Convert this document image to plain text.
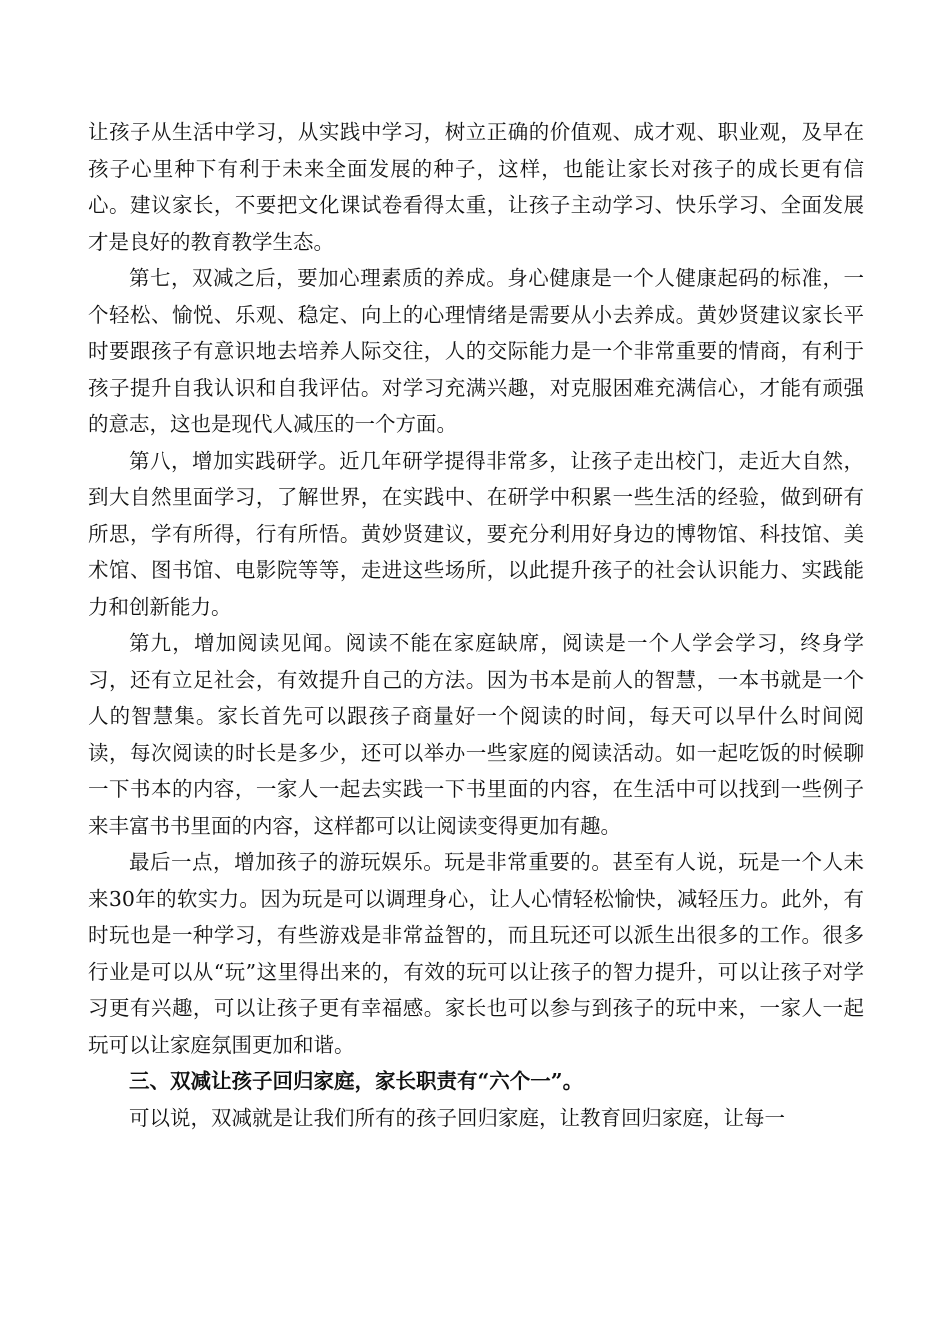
让孩子从生活中学习，从实践中学习，树立正确的价值观、成才观、职业观，及早在孩子心里种下有利于未来全面发展的种子，这样，也能让家长对孩子的成长更有信心。建议家长，不要把文化课试卷看得太重，让孩子主动学习、快乐学习、全面发展才是良好的教育教学生态。

第七，双减之后，要加心理素质的养成。身心健康是一个人健康起码的标准，一个轻松、愉悦、乐观、稳定、向上的心理情绪是需要从小去养成。黄妙贤建议家长平时要跟孩子有意识地去培养人际交往，人的交际能力是一个非常重要的情商，有利于孩子提升自我认识和自我评估。对学习充满兴趣，对克服困难充满信心，才能有顽强的意志，这也是现代人减压的一个方面。

第八，增加实践研学。近几年研学提得非常多，让孩子走出校门，走近大自然，到大自然里面学习，了解世界，在实践中、在研学中积累一些生活的经验，做到研有所思，学有所得，行有所悟。黄妙贤建议，要充分利用好身边的博物馆、科技馆、美术馆、图书馆、电影院等等，走进这些场所，以此提升孩子的社会认识能力、实践能力和创新能力。

第九，增加阅读见闻。阅读不能在家庭缺席，阅读是一个人学会学习，终身学习，还有立足社会，有效提升自己的方法。因为书本是前人的智慧，一本书就是一个人的智慧集。家长首先可以跟孩子商量好一个阅读的时间，每天可以早什么时间阅读，每次阅读的时长是多少，还可以举办一些家庭的阅读活动。如一起吃饭的时候聊一下书本的内容，一家人一起去实践一下书里面的内容，在生活中可以找到一些例子来丰富书书里面的内容，这样都可以让阅读变得更加有趣。

最后一点，增加孩子的游玩娱乐。玩是非常重要的。甚至有人说，玩是一个人未来30年的软实力。因为玩是可以调理身心，让人心情轻松愉快，减轻压力。此外，有时玩也是一种学习，有些游戏是非常益智的，而且玩还可以派生出很多的工作。很多行业是可以从“玩”这里得出来的，有效的玩可以让孩子的智力提升，可以让孩子对学习更有兴趣，可以让孩子更有幸福感。家长也可以参与到孩子的玩中来，一家人一起玩可以让家庭氛围更加和谐。

三、双减让孩子回归家庭，家长职责有“六个一”。

可以说，双减就是让我们所有的孩子回归家庭，让教育回归家庭，让每一
